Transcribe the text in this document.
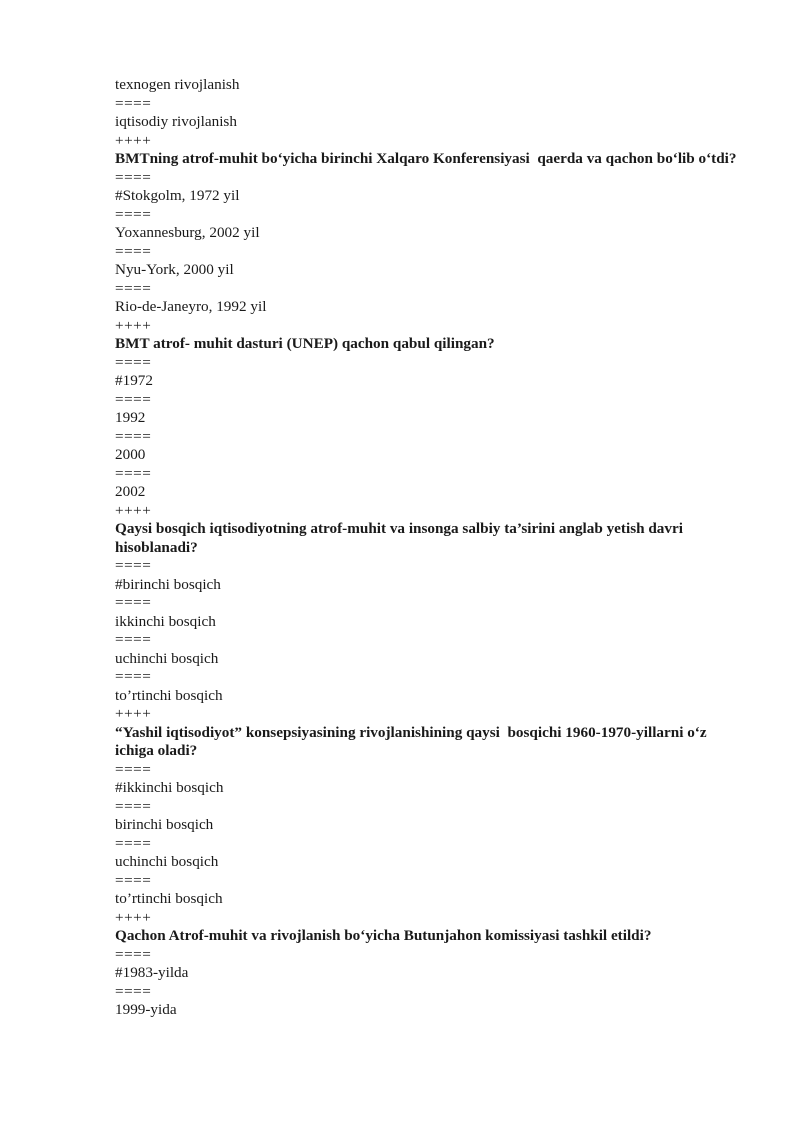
texnogen rivojlanish
====
iqtisodiy rivojlanish
++++
BMTning atrof-muhit bo‘yicha birinchi Xalqaro Konferensiyasi  qaerda va qachon bo‘lib o‘tdi?
====
#Stokgolm, 1972 yil
====
Yoxannesburg, 2002 yil
====
Nyu-York, 2000 yil
====
Rio-de-Janeyro, 1992 yil
++++
BMT atrof- muhit dasturi (UNEP) qachon qabul qilingan?
====
#1972
====
1992
====
2000
====
2002
++++
Qaysi bosqich iqtisodiyotning atrof-muhit va insonga salbiy ta’sirini anglab yetish davri hisoblanadi?
====
#birinchi bosqich
====
ikkinchi bosqich
====
uchinchi bosqich
====
to’rtinchi bosqich
++++
“Yashil iqtisodiyot” konsepsiyasining rivojlanishining qaysi  bosqichi 1960-1970-yillarni o‘z ichiga oladi?
====
#ikkinchi bosqich
====
birinchi bosqich
====
uchinchi bosqich
====
to’rtinchi bosqich
++++
Qachon Atrof-muhit va rivojlanish bo‘yicha Butunjahon komissiyasi tashkil etildi?
====
#1983-yilda
====
1999-yida
